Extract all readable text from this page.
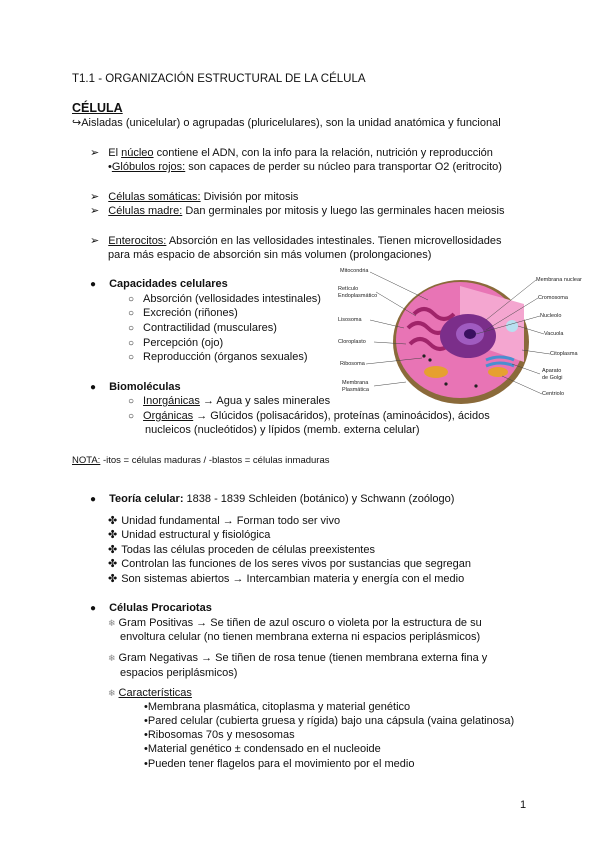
T1.1 - ORGANIZACIÓN ESTRUCTURAL DE LA CÉLULA
CÉLULA
↪Aisladas (unicelular) o agrupadas (pluricelulares), son la unidad anatómica y funcional
➢ El núcleo contiene el ADN, con la info para la relación, nutrición y reproducción
•Glóbulos rojos: son capaces de perder su núcleo para transportar O2 (eritrocito)
➢ Células somáticas: División por mitosis
➢ Células madre: Dan germinales por mitosis y luego las germinales hacen meiosis
➢ Enterocitos: Absorción en las vellosidades intestinales. Tienen microvellosidades
para más espacio de absorción sin más volumen (prolongaciones)
● Capacidades celulares
○ Absorción (vellosidades intestinales)
○ Excreción (riñones)
○ Contractilidad (musculares)
○ Percepción (ojo)
○ Reproducción (órganos sexuales)
● Biomoléculas
○ Inorgánicas → Agua y sales minerales
○ Orgánicas → Glúcidos (polisacáridos), proteínas (aminoácidos), ácidos
nucleicos (nucleótidos) y lípidos (memb. externa celular)
NOTA: -itos = células maduras / -blastos = células inmaduras
● Teoría celular: 1838 - 1839 Schleiden (botánico) y Schwann (zoólogo)
✤ Unidad fundamental → Forman todo ser vivo
✤ Unidad estructural y fisiológica
✤ Todas las células proceden de células preexistentes
✤ Controlan las funciones de los seres vivos por sustancias que segregan
✤ Son sistemas abiertos → Intercambian materia y energía con el medio
● Células Procariotas
❄ Gram Positivas → Se tiñen de azul oscuro o violeta por la estructura de su
envoltura celular (no tienen membrana externa ni espacios periplásmicos)
❄ Gram Negativas → Se tiñen de rosa tenue (tienen membrana externa fina y
espacios periplásmicos)
❄ Características
•Membrana plasmática, citoplasma y material genético
•Pared celular (cubierta gruesa y rígida) bajo una cápsula (vaina gelatinosa)
•Ribosomas 70s y mesosomas
•Material genético ± condensado en el nucleoide
•Pueden tener flagelos para el movimiento por el medio
1
Mitocondria
Retículo
Endoplasmático
Lisosoma
Cloroplasto
Ribosoma
Membrana
Plasmática
Membrana nuclear
Cromosoma
Nucleolo
Vacuola
Citoplasma
Aparato
de Golgi
Centriolo
